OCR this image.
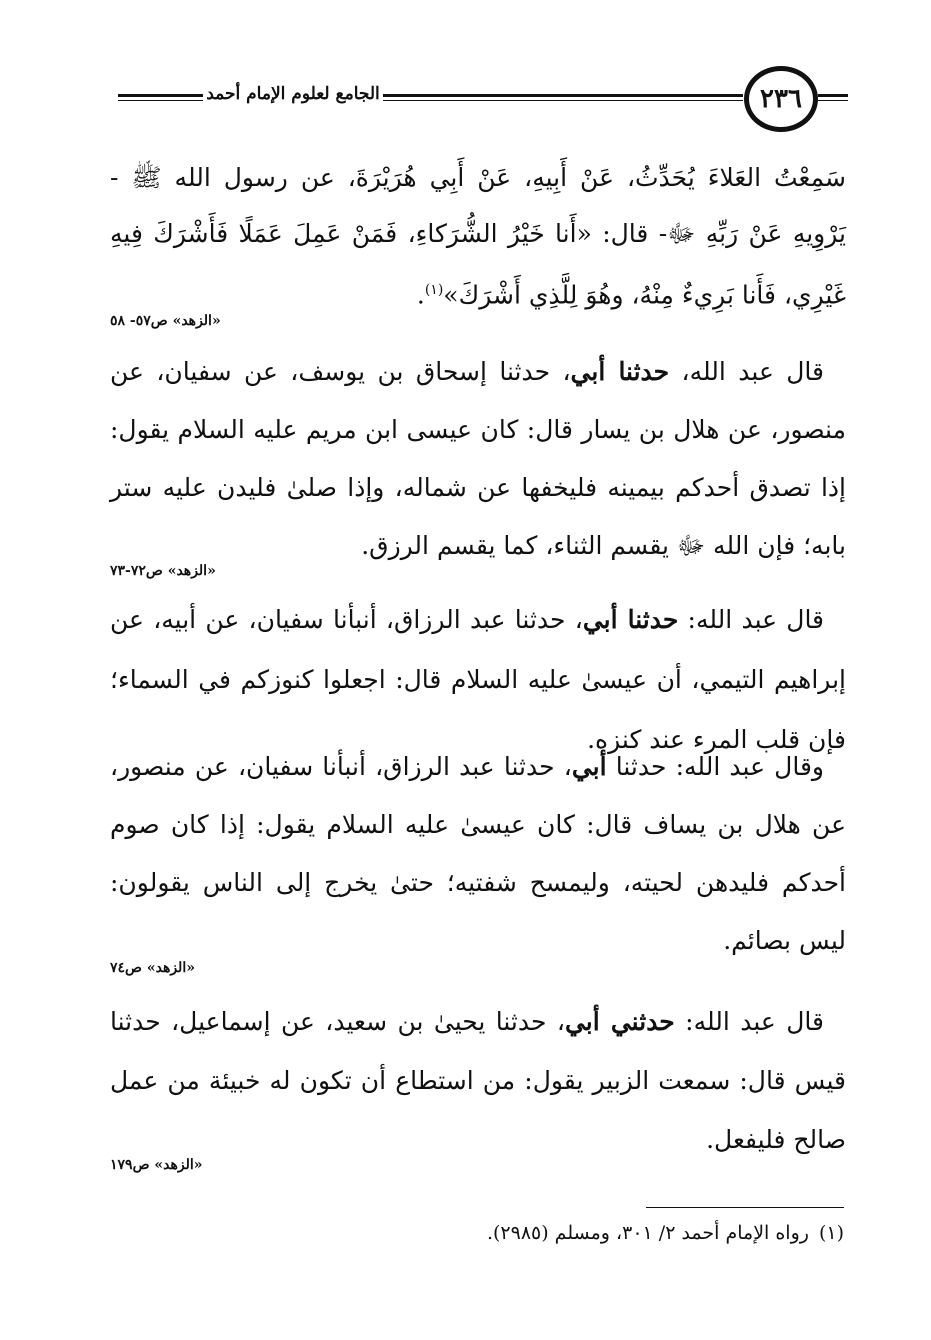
٢٣٦
الجامع لعلوم الإمام أحمد

سَمِعْتُ العَلاءَ يُحَدِّثُ، عَنْ أَبِيهِ، عَنْ أَبِي هُرَيْرَةَ، عن رسول الله ﷺ - يَرْوِيهِ عَنْ رَبِّهِ ﷻ- قال: «أَنا خَيْرُ الشُّرَكاءِ، فَمَنْ عَمِلَ عَمَلًا فَأَشْرَكَ فِيهِ غَيْرِي، فَأَنا بَرِيءٌ مِنْهُ، وهُوَ لِلَّذِي أَشْرَكَ»$^{(١)}$.

«الزهد» ص٥٧- ٥٨

قال عبد الله، حدثنا أبي، حدثنا إسحاق بن يوسف، عن سفيان، عن منصور، عن هلال بن يسار قال: كان عيسى ابن مريم عليه السلام يقول: إذا تصدق أحدكم بيمينه فليخفها عن شماله، وإذا صلىٰ فليدن عليه ستر بابه؛ فإن الله ﷻ يقسم الثناء، كما يقسم الرزق.

«الزهد» ص٧٢-٧٣

قال عبد الله: حدثنا أبي، حدثنا عبد الرزاق، أنبأنا سفيان، عن أبيه، عن إبراهيم التيمي، أن عيسىٰ عليه السلام قال: اجعلوا كنوزكم في السماء؛ فإن قلب المرء عند كنزه.

وقال عبد الله: حدثنا أبي، حدثنا عبد الرزاق، أنبأنا سفيان، عن منصور، عن هلال بن يساف قال: كان عيسىٰ عليه السلام يقول: إذا كان صوم أحدكم فليدهن لحيته، وليمسح شفتيه؛ حتىٰ يخرج إلى الناس يقولون: ليس بصائم.

«الزهد» ص٧٤

قال عبد الله: حدثني أبي، حدثنا يحيىٰ بن سعيد، عن إسماعيل، حدثنا قيس قال: سمعت الزبير يقول: من استطاع أن تكون له خبيئة من عمل صالح فليفعل.

«الزهد» ص١٧٩
(١)رواه الإمام أحمد ٢/ ٣٠١، ومسلم (٢٩٨٥).
